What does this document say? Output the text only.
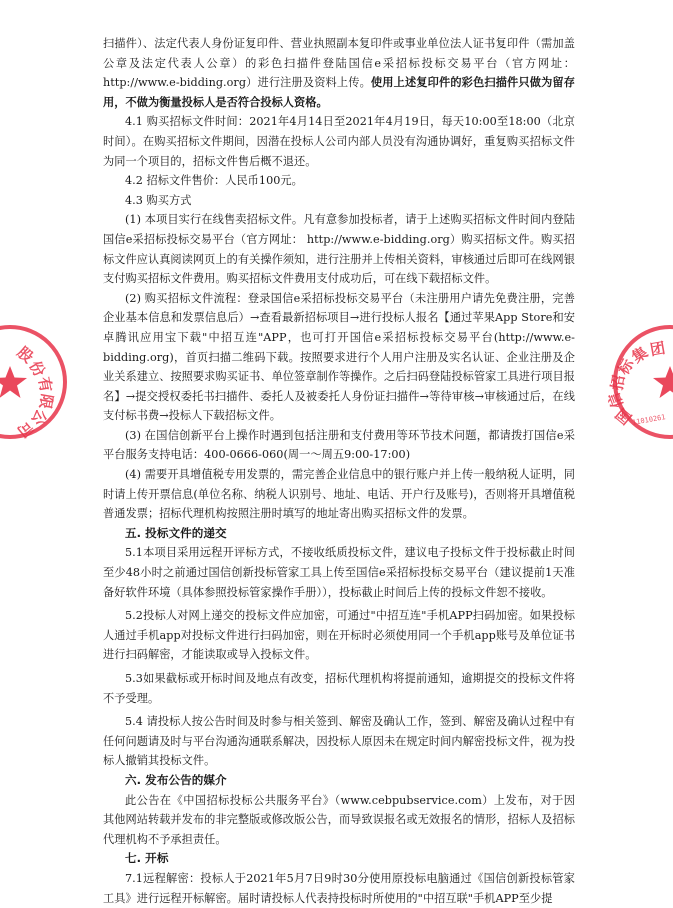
股
份
有
限
公
司
国
信
招
标
集
团
11010261

扫描件）、法定代表人身份证复印件、营业执照副本复印件或事业单位法人证书复印件（需加盖公章及法定代表人公章）的彩色扫描件登陆国信e采招标投标交易平台（官方网址：http://www.e-bidding.org）进行注册及资料上传。使用上述复印件的彩色扫描件只做为留存用，不做为衡量投标人是否符合投标人资格。

4.1 购买招标文件时间：2021年4月14日至2021年4月19日，每天10:00至18:00（北京时间）。在购买招标文件期间，因潜在投标人公司内部人员没有沟通协调好，重复购买招标文件为同一个项目的，招标文件售后概不退还。

4.2 招标文件售价：人民币100元。

4.3 购买方式

(1) 本项目实行在线售卖招标文件。凡有意参加投标者，请于上述购买招标文件时间内登陆国信e采招标投标交易平台（官方网址： http://www.e-bidding.org）购买招标文件。购买招标文件应认真阅读网页上的有关操作须知，进行注册并上传相关资料，审核通过后即可在线网银支付购买招标文件费用。购买招标文件费用支付成功后，可在线下载招标文件。

(2) 购买招标文件流程：登录国信e采招标投标交易平台（未注册用户请先免费注册，完善企业基本信息和发票信息后）→查看最新招标项目→进行投标人报名【通过苹果App Store和安卓腾讯应用宝下载"中招互连"APP，也可打开国信e采招标投标交易平台(http://www.e-bidding.org)，首页扫描二维码下载。按照要求进行个人用户注册及实名认证、企业注册及企业关系建立、按照要求购买证书、单位签章制作等操作。之后扫码登陆投标管家工具进行项目报名】→提交授权委托书扫描件、委托人及被委托人身份证扫描件→等待审核→审核通过后，在线支付标书费→投标人下载招标文件。

(3) 在国信创新平台上操作时遇到包括注册和支付费用等环节技术问题，都请拨打国信e采平台服务支持电话：400-0666-060(周一～周五9:00-17:00)

(4) 需要开具增值税专用发票的，需完善企业信息中的银行账户并上传一般纳税人证明，同时请上传开票信息(单位名称、纳税人识别号、地址、电话、开户行及账号)，否则将开具增值税普通发票；招标代理机构按照注册时填写的地址寄出购买招标文件的发票。

五. 投标文件的递交

5.1本项目采用远程开评标方式，不接收纸质投标文件，建议电子投标文件于投标截止时间至少48小时之前通过国信创新投标管家工具上传至国信e采招标投标交易平台（建议提前1天准备好软件环境（具体参照投标管家操作手册）），投标截止时间后上传的投标文件恕不接收。

5.2投标人对网上递交的投标文件应加密，可通过"中招互连"手机APP扫码加密。如果投标人通过手机app对投标文件进行扫码加密，则在开标时必须使用同一个手机app账号及单位证书进行扫码解密，才能读取或导入投标文件。

5.3如果截标或开标时间及地点有改变，招标代理机构将提前通知，逾期提交的投标文件将不予受理。

5.4 请投标人按公告时间及时参与相关签到、解密及确认工作，签到、解密及确认过程中有任何问题请及时与平台沟通沟通联系解决，因投标人原因未在规定时间内解密投标文件，视为投标人撤销其投标文件。

六. 发布公告的媒介

此公告在《中国招标投标公共服务平台》（www.cebpubservice.com）上发布，对于因其他网站转载并发布的非完整版或修改版公告，而导致误报名或无效报名的情形，招标人及招标代理机构不予承担责任。

七. 开标

7.1远程解密：投标人于2021年5月7日9时30分使用原投标电脑通过《国信创新投标管家工具》进行远程开标解密。届时请投标人代表持投标时所使用的"中招互联"手机APP至少提
